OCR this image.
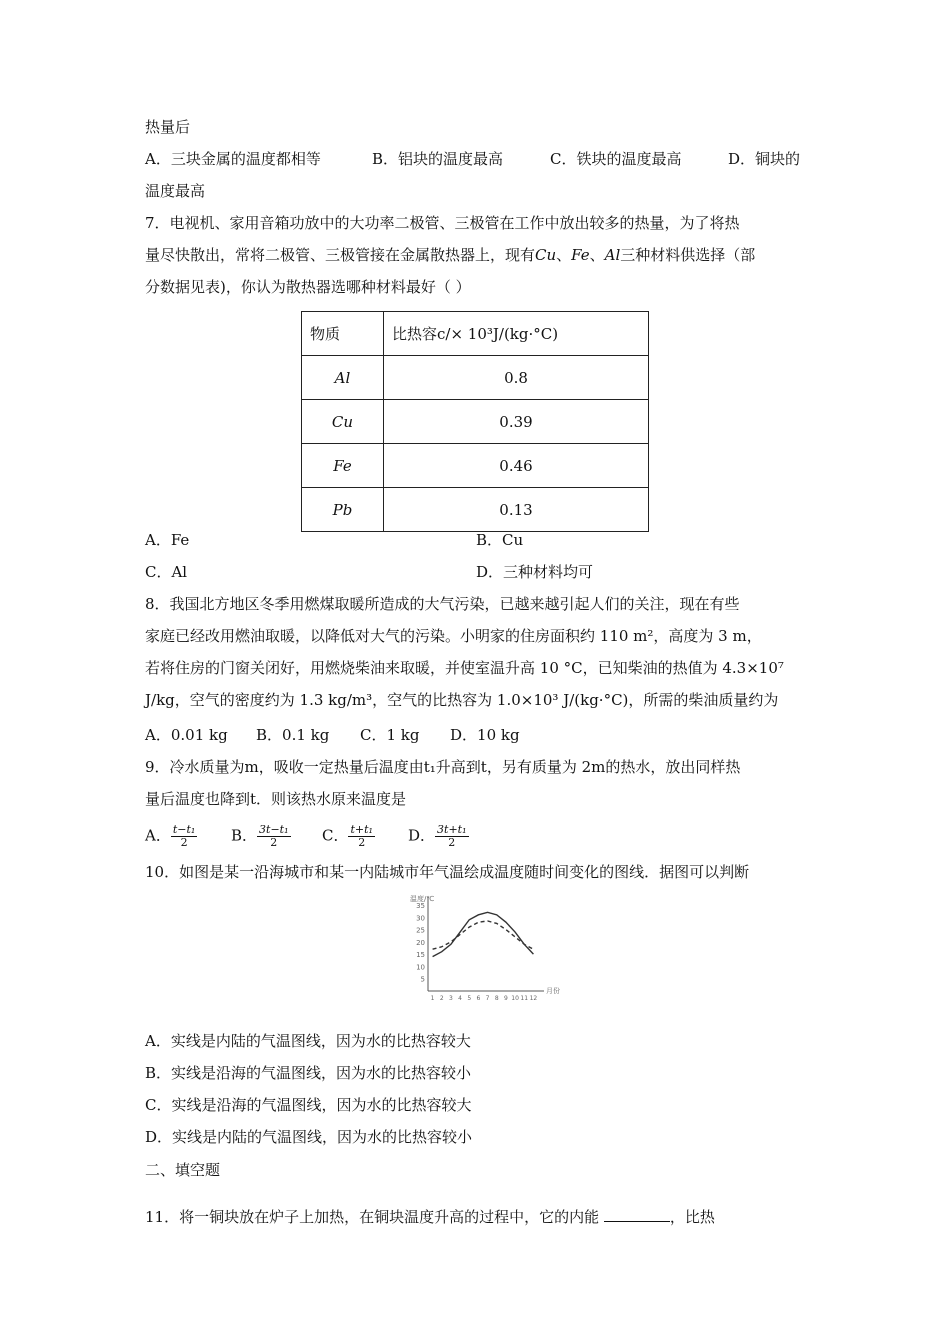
热量后
A．三块金属的温度都相等	B．铝块的温度最高	C．铁块的温度最高	D．铜块的
温度最高
7．电视机、家用音箱功放中的大功率二极管、三极管在工作中放出较多的热量，为了将热
量尽快散出，常将二极管、三极管接在金属散热器上，现有Cu、Fe、Al三种材料供选择（部
分数据见表)，你认为散热器选哪种材料最好（ ）
物质	比热容c/× 10³J/(kg·°C)
Al	0.8
Cu	0.39
Fe	0.46
Pb	0.13
A．Fe	B．Cu
C．Al	D．三种材料均可
8．我国北方地区冬季用燃煤取暖所造成的大气污染，已越来越引起人们的关注，现在有些
家庭已经改用燃油取暖，以降低对大气的污染。小明家的住房面积约 110 m²，高度为 3 m，
若将住房的门窗关闭好，用燃烧柴油来取暖，并使室温升高 10 °C，已知柴油的热值为 4.3×10⁷
J/kg，空气的密度约为 1.3 kg/m³，空气的比热容为 1.0×10³ J/(kg·°C)，所需的柴油质量约为
A．0.01 kg B．0.1 kg C．1 kg D．10 kg
9．冷水质量为m，吸收一定热量后温度由t₁升高到t，另有质量为 2m的热水，放出同样热
量后温度也降到t．则该热水原来温度是
A． $\frac{\text{t−t₁}}{2}$ B． $\frac{\text{3t−t₁}}{2}$ C． $\frac{\text{t+t₁}}{2}$ D． $\frac{\text{3t+t₁}}{2}$
10．如图是某一沿海城市和某一内陆城市年气温绘成温度随时间变化的图线．据图可以判断
5
10
15
20
25
30
35
1 2 3 4 5 6 7 8 9 10 11 12
温度/℃
月份
A．实线是内陆的气温图线，因为水的比热容较大
B．实线是沿海的气温图线，因为水的比热容较小
C．实线是沿海的气温图线，因为水的比热容较大
D．实线是内陆的气温图线，因为水的比热容较小
二、填空题
11．将一铜块放在炉子上加热，在铜块温度升高的过程中，它的内能	，比热
